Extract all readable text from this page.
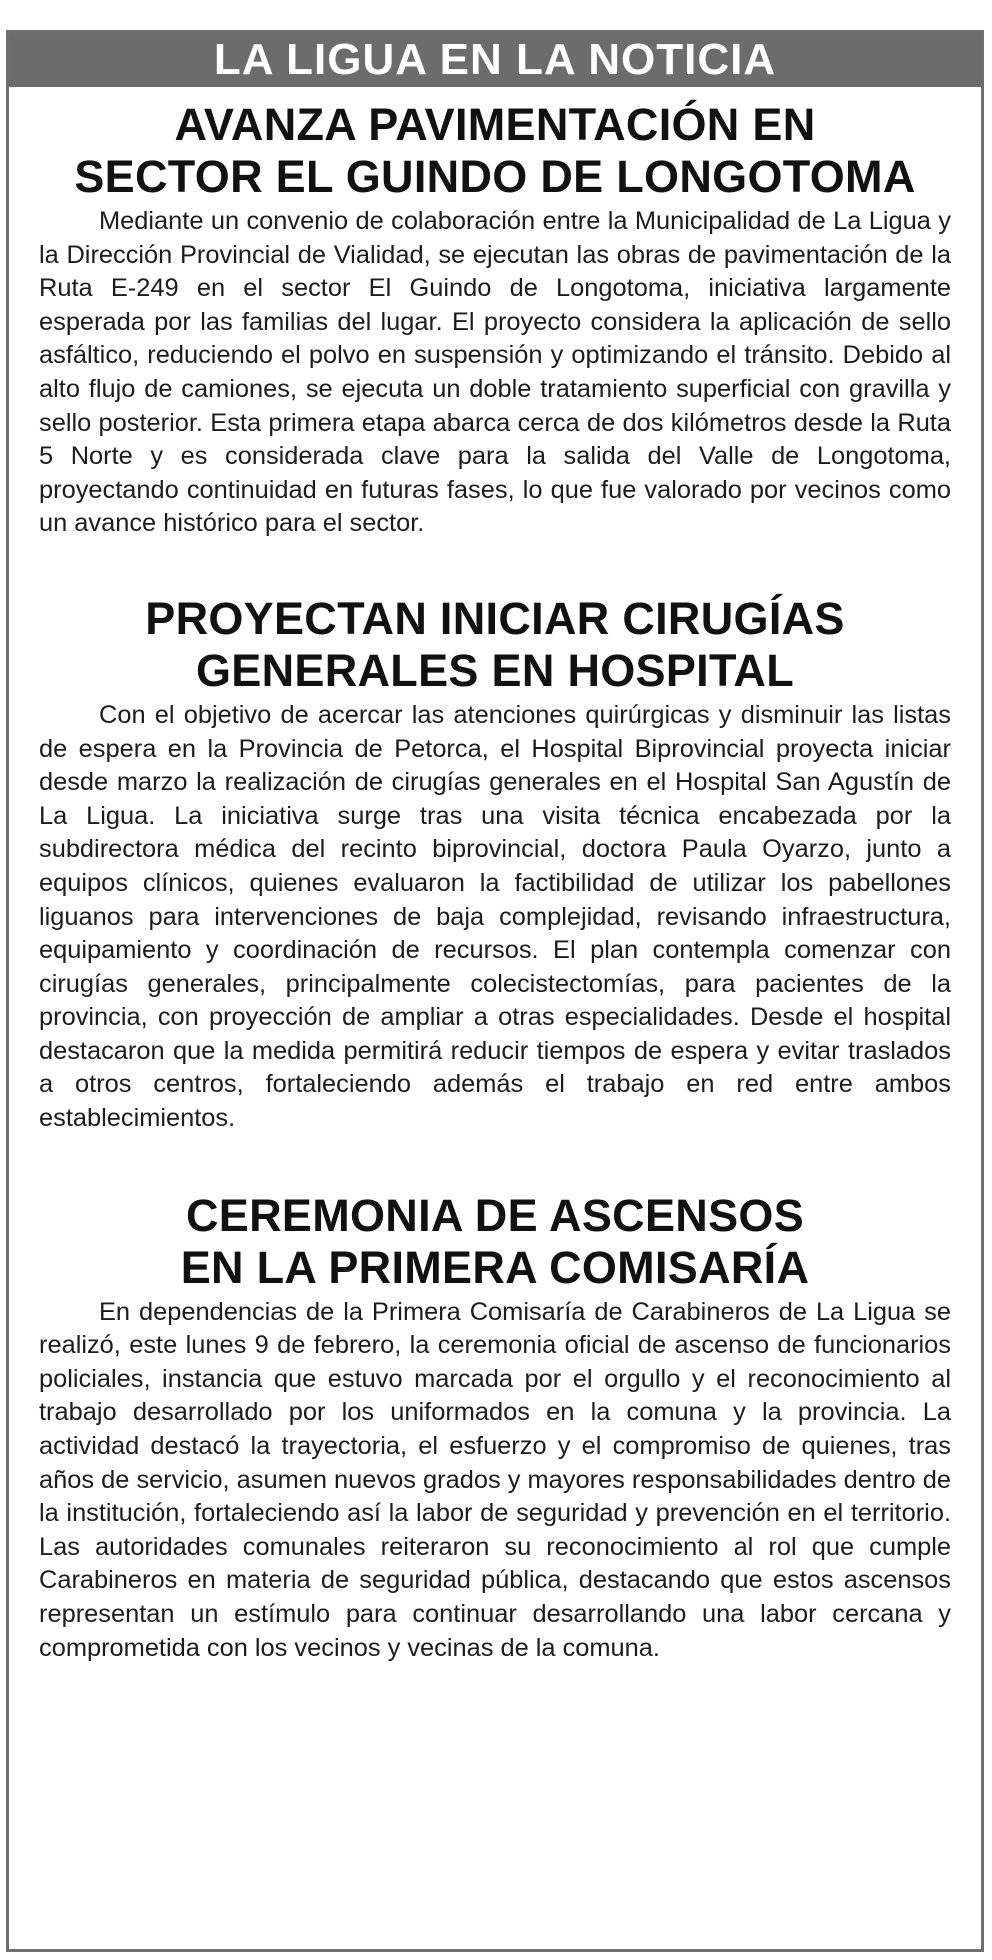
LA LIGUA EN LA NOTICIA
AVANZA PAVIMENTACIÓN EN
SECTOR EL GUINDO DE LONGOTOMA

Mediante un convenio de colaboración entre la Municipalidad de La Ligua y la Dirección Provincial de Vialidad, se ejecutan las obras de pavimentación de la Ruta E-249 en el sector El Guindo de Longotoma, iniciativa largamente esperada por las familias del lugar. El proyecto considera la aplicación de sello asfáltico, reduciendo el polvo en suspensión y optimizando el tránsito. Debido al alto flujo de camiones, se ejecuta un doble tratamiento superficial con gravilla y sello posterior. Esta primera etapa abarca cerca de dos kilómetros desde la Ruta 5 Norte y es considerada clave para la salida del Valle de Longotoma, proyectando continuidad en futuras fases, lo que fue valorado por vecinos como un avance histórico para el sector.

PROYECTAN INICIAR CIRUGÍAS
GENERALES EN HOSPITAL

Con el objetivo de acercar las atenciones quirúrgicas y disminuir las listas de espera en la Provincia de Petorca, el Hospital Biprovincial proyecta iniciar desde marzo la realización de cirugías generales en el Hospital San Agustín de La Ligua. La iniciativa surge tras una visita técnica encabezada por la subdirectora médica del recinto biprovincial, doctora Paula Oyarzo, junto a equipos clínicos, quienes evaluaron la factibilidad de utilizar los pabellones liguanos para intervenciones de baja complejidad, revisando infraestructura, equipamiento y coordinación de recursos. El plan contempla comenzar con cirugías generales, principalmente colecistectomías, para pacientes de la provincia, con proyección de ampliar a otras especialidades. Desde el hospital destacaron que la medida permitirá reducir tiempos de espera y evitar traslados a otros centros, fortaleciendo además el trabajo en red entre ambos establecimientos.

CEREMONIA DE ASCENSOS
EN LA PRIMERA COMISARÍA

En dependencias de la Primera Comisaría de Carabineros de La Ligua se realizó, este lunes 9 de febrero, la ceremonia oficial de ascenso de funcionarios policiales, instancia que estuvo marcada por el orgullo y el reconocimiento al trabajo desarrollado por los uniformados en la comuna y la provincia. La actividad destacó la trayectoria, el esfuerzo y el compromiso de quienes, tras años de servicio, asumen nuevos grados y mayores responsabilidades dentro de la institución, fortaleciendo así la labor de seguridad y prevención en el territorio. Las autoridades comunales reiteraron su reconocimiento al rol que cumple Carabineros en materia de seguridad pública, destacando que estos ascensos representan un estímulo para continuar desarrollando una labor cercana y comprometida con los vecinos y vecinas de la comuna.
